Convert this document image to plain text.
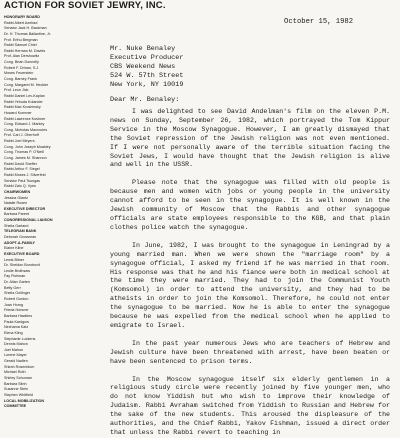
ACTION FOR SOVIET JEWRY, INC.
HONORARY BOARD
Rabbi Albert Axelrad
Senator Jack H. Backman
Dr. H. Thomas Ballantine, Jr.
Prof. Erthu Bergman
Rabbi Samuel Chiel
Rabbi Herman M. Davids
Prof. Alan Dershowitz
Cong. Brian Donnelly
Robert F. Drinan, S.J.
Moses Feuerstein
Cong. Barney Frank
Cong. Margaret M. Heckler
Prof. Leon Jick
Rabbi Daniel Lev-Kaplan
Rabbi Yehuda Kolander
Rabbi Max Kroshinsky
Howard Kummer
Rabbi Lawrence Kushner
Cong. Edward J. Markey
Cong. Nicholas Mavroules
Prof. Carl J. Oberhoff
Rabbi Joel Meyers
Cong. John Joseph Moakley
Cong. Thomas P. O'Neill
Cong. James M. Shannon
Rabbi David Sheffer
Rabbi Arthur F. Siegel
Rabbi Moses J. Silverfeld
Senator Paul Tsongas
Rabbi Zalo Q. Vyes
CHAIRWOMEN
Jessica Glantz
Natalie Rosen
EXECUTIVE DIRECTOR
Barbara Parent
CONGRESSIONAL LIAISON
Sheila Garland
TELEGRAM BANK
Deborah Grossman
ADOPT-A-FAMILY
Elaine Kline
EXECUTIVE BOARD
Lewis Bitner
Dr. Sheldon Bondrovit
Leslie Brothsaw
Fay Fishman
Dr. Allan Garten
Betty Gerr
Sheila Gollinger
Robert Gordon
Joan Horng
Frieda Horsner
Barbara Hawkins
Paula Kardgow
Nechama Katz
Elena Kling
Stephanie Luckens
Dennis Mahon
Joel Mahon
Lorene Mayer
Gerald Nadlen
Shirah Rosenblum
Michael Roth
Shirley Schuman
Barbara Sitrin
Susanne Stein
Stephen Whitfield
LOCAL MOBILIZATION
COMMITTEE
October 15, 1982
Mr. Nuke Benaley
Executive Producer
CBS Weekend News
524 W. 57th Street
New York, NY 10019
Dear Mr. Benaley:

I was delighted to see David Andelman's film on the eleven P.M. news on Sunday, September 26, 1982, which portrayed the Tom Kippur Service in the Moscow Synagogue. However, I am greatly dismayed that the Soviet repression of the Jewish religion was not even mentioned. If I were not personally aware of the terrible situation facing the Soviet Jews, I would have thought that the Jewish religion is alive and well in the USSR.

Please note that the synagogue was filled with old people is because men and women with jobs or young people in the university cannot afford to be seen in the synagogue. It is well known in the Jewish community of Moscow that the Rabbis and other synagogue officials are state employees responsible to the KGB, and that plain clothes police watch the synagogue.

In June, 1982, I was brought to the synagogue in Leningrad by a young married man. When we were shown the "marriage room" by a synagogue official, I asked my friend if he was married in that room. His response was that he and his fiance were both in medical school at the time they were married. They had to join the Communist Youth (Komsomol) in order to attend the university, and they had to be atheists in order to join the Komsomol. Therefore, he could not enter the synagogue to be married. Now he is able to enter the synagogue because he was expelled from the medical school when he applied to emigrate to Israel.

In the past year numerous Jews who are teachers of Hebrew and Jewish culture have been threatened with arrest, have been beaten or have been sentenced to prison terms.

In the Moscow synagogue itself six elderly gentlemen in a religious study circle were recently joined by five younger men, who do not know Yiddish but who wish to improve their knowledge of Judaism. Rabbi Avraham switched from Yiddish to Russian and Hebrew for the sake of the new students. This aroused the displeasure of the authorities, and the Chief Rabbi, Yakov Fishman, issued a direct order that unless the Rabbi revert to teaching in
